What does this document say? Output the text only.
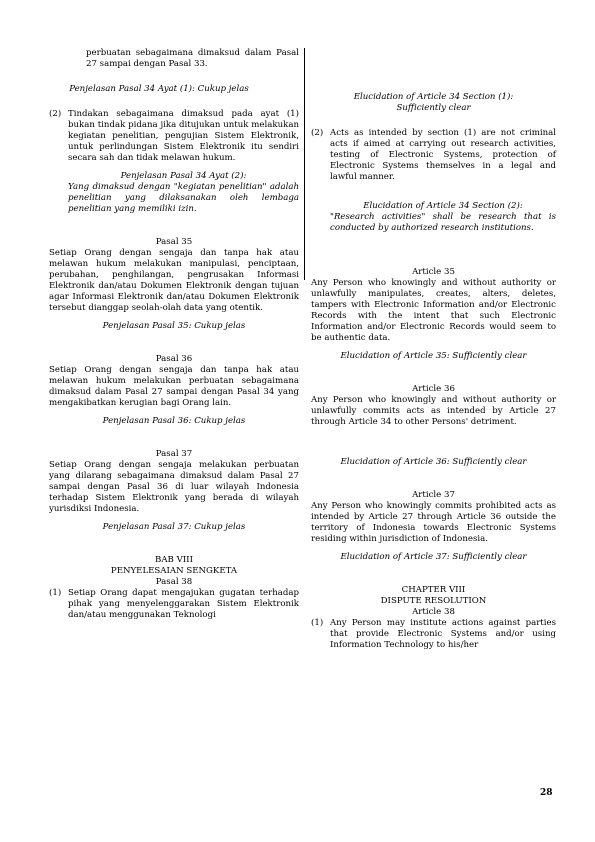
perbuatan sebagaimana dimaksud dalam Pasal 27 sampai dengan Pasal 33.
Penjelasan Pasal 34 Ayat (1): Cukup jelas
(2) Tindakan sebagaimana dimaksud pada ayat (1) bukan tindak pidana jika ditujukan untuk melakukan kegiatan penelitian, pengujian Sistem Elektronik, untuk perlindungan Sistem Elektronik itu sendiri secara sah dan tidak melawan hukum.
Penjelasan Pasal 34 Ayat (2):
Yang dimaksud dengan "kegiatan penelitian" adalah penelitian yang dilaksanakan oleh lembaga penelitian yang memiliki izin.
Pasal 35
Setiap Orang dengan sengaja dan tanpa hak atau melawan hukum melakukan manipulasi, penciptaan, perubahan, penghilangan, pengrusakan Informasi Elektronik dan/atau Dokumen Elektronik dengan tujuan agar Informasi Elektronik dan/atau Dokumen Elektronik tersebut dianggap seolah-olah data yang otentik.
Penjelasan Pasal 35: Cukup jelas
Pasal 36
Setiap Orang dengan sengaja dan tanpa hak atau melawan hukum melakukan perbuatan sebagaimana dimaksud dalam Pasal 27 sampai dengan Pasal 34 yang mengakibatkan kerugian bagi Orang lain.
Penjelasan Pasal 36: Cukup jelas
Pasal 37
Setiap Orang dengan sengaja melakukan perbuatan yang dilarang sebagaimana dimaksud dalam Pasal 27 sampai dengan Pasal 36 di luar wilayah Indonesia terhadap Sistem Elektronik yang berada di wilayah yurisdiksi Indonesia.
Penjelasan Pasal 37: Cukup jelas
BAB VIII
PENYELESAIAN SENGKETA
Pasal 38
(1) Setiap Orang dapat mengajukan gugatan terhadap pihak yang menyelenggarakan Sistem Elektronik dan/atau menggunakan Teknologi
Elucidation of Article 34 Section (1):
Sufficiently clear
(2) Acts as intended by section (1) are not criminal acts if aimed at carrying out research activities, testing of Electronic Systems, protection of Electronic Systems themselves in a legal and lawful manner.
Elucidation of Article 34 Section (2):
"Research activities" shall be research that is conducted by authorized research institutions.
Article 35
Any Person who knowingly and without authority or unlawfully manipulates, creates, alters, deletes, tampers with Electronic Information and/or Electronic Records with the intent that such Electronic Information and/or Electronic Records would seem to be authentic data.
Elucidation of Article 35: Sufficiently clear
Article 36
Any Person who knowingly and without authority or unlawfully commits acts as intended by Article 27 through Article 34 to other Persons' detriment.
Elucidation of Article 36: Sufficiently clear
Article 37
Any Person who knowingly commits prohibited acts as intended by Article 27 through Article 36 outside the territory of Indonesia towards Electronic Systems residing within jurisdiction of Indonesia.
Elucidation of Article 37: Sufficiently clear
CHAPTER VIII
DISPUTE RESOLUTION
Article 38
(1) Any Person may institute actions against parties that provide Electronic Systems and/or using Information Technology to his/her
28
